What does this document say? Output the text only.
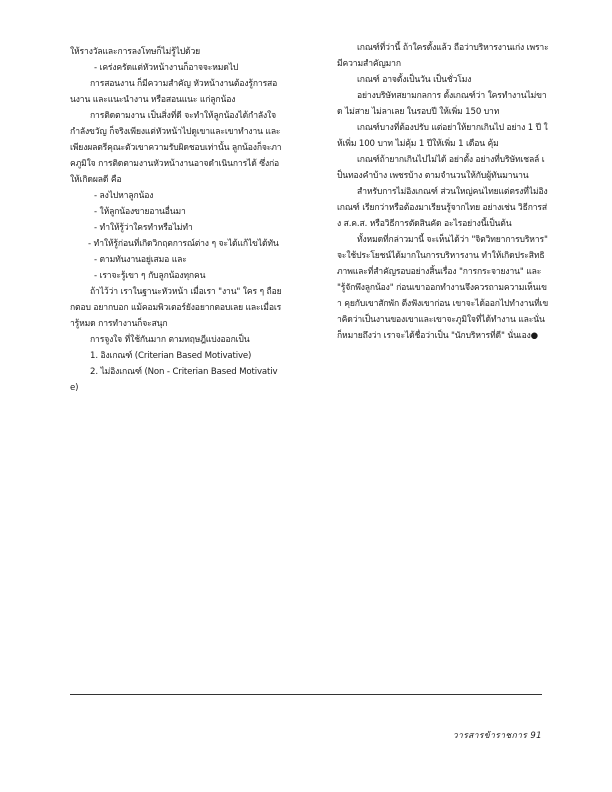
ให้รางวัลและการลงโทษก็ไม่รู้ไปด้วย

- เคร่งครัดแต่หัวหน้างานก็อาจจะหมดไป

การสอนงาน ก็มีความสำคัญ หัวหน้างานต้องรู้การสอนงาน และแนะนำงาน หรือสอนแนะ แก่ลูกน้อง

การติดตามงาน เป็นสิ่งที่ดี จะทำให้ลูกน้องได้กำลังใจ กำลังขวัญ ก็จริงเพียงแต่หัวหน้าไปดูเขาและเขาทำงาน และเพียงผลตรีคุณะตัวเขาความรับผิดชอบเท่านั้น ลูกน้องก็จะภาคภูมิใจ การติดตามงานหัวหน้างานอาจดำเนินการได้ ซึ่งก่อให้เกิดผลดี คือ

- ลงไปหาลูกน้อง

- ให้ลูกน้องขายอานอื่นมา

- ทำให้รู้ว่าใครทำหรือไม่ทำ

- ทำให้รู้ก่อนที่เกิดวิกฤตการณ์ต่าง ๆ จะได้แก้ไขได้ทัน

- ตามทันงานอยู่เสมอ และ

- เราจะรู้เขา ๆ กับลูกน้องทุกคน

ถ้าไว้ว่า เราในฐานะหัวหน้า เมื่อเรา "งาน" ใคร ๆ ถือยกตอบ อยากบอก แม้คอมพิวเตอร์ยังอยากตอบเลย และเมื่อเรารู้หมด การทำงานก็จะสนุก

การจูงใจ ที่ใช้กันมาก ตามทฤษฎีแบ่งออกเป็น

1. อิงเกณฑ์ (Criterian Based Motivative)

2. ไม่อิงเกณฑ์ (Non - Criterian Based Motivative)

เกณฑ์ที่ว่านี้ ถ้าใครตั้งแล้ว ถือว่าบริหารงานเก่ง เพราะมีความสำคัญมาก

เกณฑ์ อาจตั้งเป็นวัน เป็นชั่วโมง

อย่างบริษัทสยามกลการ ตั้งเกณฑ์ว่า ใครทำงานไม่ขาด ไม่สาย ไม่ลาเลย ในรอบปี ให้เพิ่ม 150 บาท

เกณฑ์บางที่ต้องปรับ แต่อย่าให้ยากเกินไป อย่าง 1 ปี ให้เพิ่ม 100 บาท ไม่คุ้ม 1 ปีให้เพิ่ม 1 เดือน คุ้ม

เกณฑ์ถ้ายากเกินไปไม่ได้ อย่าตั้ง อย่างที่บริษัทเชลล์ เป็นทองคำบ้าง เพชรบ้าง ตามจำนวนให้กับผู้ทันมานาน

สำหรับการไม่อิงเกณฑ์ ส่วนใหญ่คนไทยแต่ตรงที่ไม่อิงเกณฑ์ เรียกว่าหรือต้องมาเรียนรู้จากไทย อย่างเช่น วิธีการส่ง ส.ค.ส. หรือวิธีการตัดสินคัด อะไรอย่างนี้เป็นต้น

ทั้งหมดที่กล่าวมานี้ จะเห็นได้ว่า "จิตวิทยาการบริหาร" จะใช้ประโยชน์ได้มากในการบริหารงาน ทำให้เกิดประสิทธิภาพและที่สำคัญรอบอย่างสิ้นเรื่อง "การกระจายงาน" และ "รู้จักพึงลูกน้อง" ก่อนเขาออกทำงานจึงควรถามความเห็นเขา คุยกับเขาสักพัก ตีงฟังเขาก่อน เขาจะได้ออกไปทำงานที่เขาคิดว่าเป็นงานของเขาและเขาจะภูมิใจที่ได้ทำงาน และนั่นก็หมายถึงว่า เราจะได้ชื่อว่าเป็น "นักบริหารที่ดี" นั่นเอง●

วารสารข้าราชการ 91
